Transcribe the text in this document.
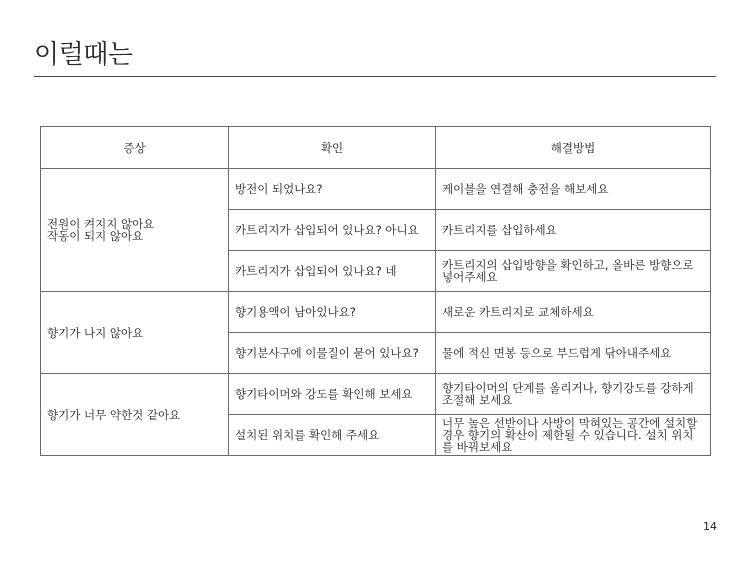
이럴때는
증상	확인	해결방법

전원이 켜지지 않아요
작동이 되지 않아요	방전이 되었나요?	케이블을 연결해 충전을 해보세요
	카트리지가 삽입되어 있나요? 아니요	카트리지를 삽입하세요
	카트리지가 삽입되어 있나요? 네	카트리지의 삽입방향을 확인하고, 올바른 방향으로 넣어주세요

향기가 나지 않아요	향기용액이 남아있나요?	새로운 카트리지로 교체하세요
	향기분사구에 이물질이 묻어 있나요?	물에 적신 면봉 등으로 부드럽게 닦아내주세요

향기가 너무 약한것 같아요	향기타이머와 강도를 확인해 보세요	향기타이머의 단계를 올리거나, 향기강도를 강하게 조절해 보세요
	설치된 위치를 확인해 주세요	너무 높은 선반이나 사방이 막혀있는 공간에 설치할 경우 향기의 확산이 제한될 수 있습니다. 설치 위치를 바꿔보세요
14
